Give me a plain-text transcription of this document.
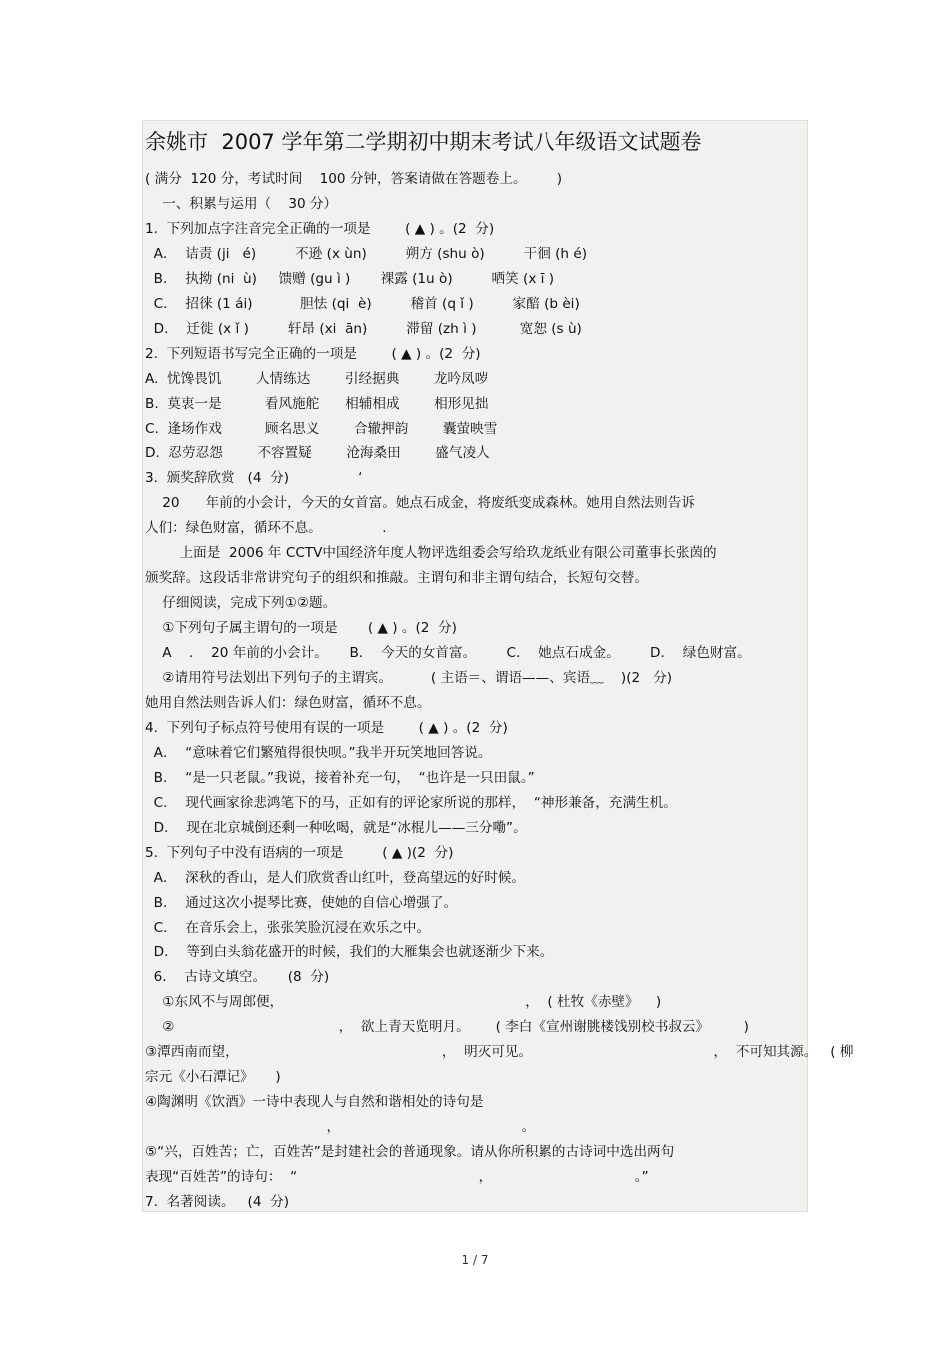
余姚市  2007 学年第二学期初中期末考试八年级语文试题卷
( 满分  120 分，考试时间    100 分钟，答案请做在答题卷上。       )
一、积累与运用（    30 分）
1.  下列加点字注音完全正确的一项是        ( ▲ ) 。(2  分)
A．  诘责 (ji   é)         不逊 (x ùn)         朔方 (shu ò)         干徊 (h é)
B．  执拗 (ni  ù)     馈赠 (gu ì )       裸露 (1u ò)         哂笑 (x ī )
C．  招徕 (1 ái)           胆怯 (qi  è)         稽首 (q ǐ )         家醅 (b èi)
D．  迁徙 (x ǐ )         轩昂 (xi  ān)         滞留 (zh ì )          宽恕 (s ù)
2.  下列短语书写完全正确的一项是        ( ▲ ) 。(2  分)
A.  忧馋畏饥        人情练达        引经据典        龙吟凤哕
B.  莫衷一是          看风施舵      相辅相成        相形见拙
C.  逢场作戏          顾名思义        合辙押韵        囊萤映雪
D.  忍劳忍怨        不容置疑        沧海桑田        盛气凌人
3.  颁奖辞欣赏   (4  分)                ‘
20      年前的小会计，今天的女首富。她点石成金，将废纸变成森林。她用自然法则告诉
人们：绿色财富，循环不息。              .
上面是  2006 年 CCTV中国经济年度人物评选组委会写给玖龙纸业有限公司董事长张茵的
颁奖辞。这段话非常讲究句子的组织和推敲。主谓句和非主谓句结合，长短句交替。
仔细阅读，完成下列①②题。
①下列句子属主谓句的一项是       ( ▲ ) 。(2  分)
A    ．  20 年前的小会计。     B．  今天的女首富。       C．  她点石成金。       D．  绿色财富。
②请用符号法划出下列句子的主谓宾。         ( 主语＝、谓语——、宾语﹏    )(2   分)
她用自然法则告诉人们：绿色财富，循环不息。
4.  下列句子标点符号使用有误的一项是        ( ▲ ) 。(2  分)
A．  “意味着它们繁殖得很快呗。”我半开玩笑地回答说。
B．  “是一只老鼠。”我说，接着补充一句，  “也许是一只田鼠。”
C．  现代画家徐悲鸿笔下的马，正如有的评论家所说的那样，  “神形兼备，充满生机。
D．  现在北京城倒还剩一种吆喝，就是“冰棍儿——三分嘞”。
5.  下列句子中没有语病的一项是         ( ▲ )(2  分)
A．  深秋的香山，是人们欣赏香山红叶，登高望远的好时候。
B．  通过这次小提琴比赛，使她的自信心增强了。
C．  在音乐会上，张张笑脸沉浸在欢乐之中。
D．  等到白头翁花盛开的时候，我们的大雁集会也就逐渐少下来。
6．  古诗文填空。     (8  分)
①东风不与周郎便，                                                        ，  ( 杜牧《赤壁》    )
②                                      ，  欲上青天览明月。      ( 李白《宣州谢朓楼饯别校书叔云》        )
③潭西南而望，                                               ，  明灭可见。                                          ，  不可知其源。   ( 柳
宗元《小石潭记》     )
④陶渊明《饮酒》一诗中表现人与自然和谐相处的诗句是
，                                          。
⑤“兴，百姓苦；亡，百姓苦”是封建社会的普通现象。请从你所积累的古诗词中选出两句
表现“百姓苦”的诗句：  “                                          ，                                 。”
7.  名著阅读。   (4  分)
1 / 7
